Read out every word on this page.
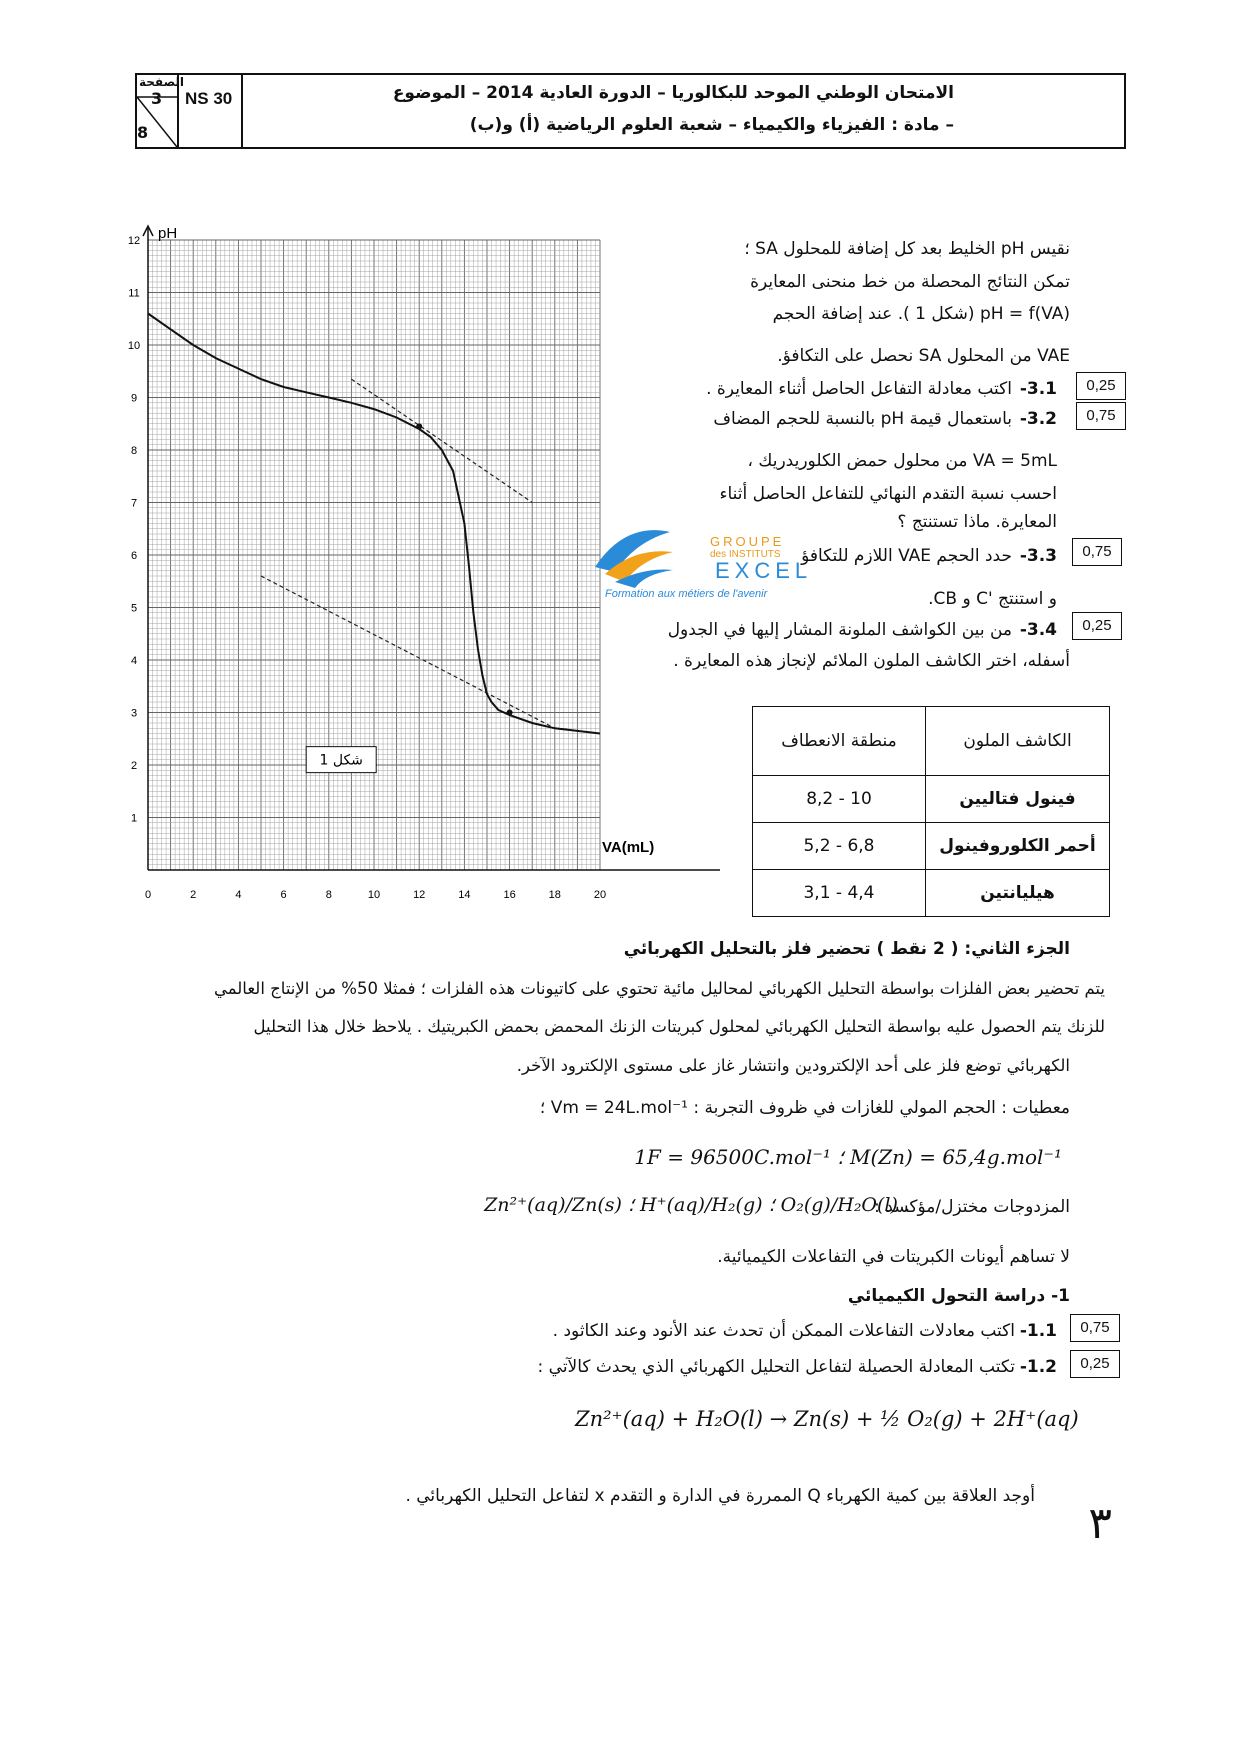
الصفحة
3
8
NS 30	الامتحان الوطني الموحد للبكالوريا – الدورة العادية 2014 – الموضوع
– مادة : الفيزياء والكيمياء – شعبة العلوم الرياضية (أ) و(ب)
0	2	4	6	8	10	12	14	16	18	20
1
2
3
4
5
6
7
8
9
10
11
12 pH
VA(mL)
شكل 1
نقيس pH الخليط بعد كل إضافة للمحلول SA ؛
تمكن النتائج المحصلة من خط منحنى المعايرة
pH = f(VA) (شكل 1 ). عند إضافة الحجم
VAE من المحلول SA نحصل على التكافؤ.
0,25
3.1-
اكتب معادلة التفاعل الحاصل أثناء المعايرة .
0,75
3.2-
باستعمال قيمة pH بالنسبة للحجم المضاف
VA = 5mL من محلول حمض الكلوريدريك ،
احسب نسبة التقدم النهائي للتفاعل الحاصل أثناء
المعايرة. ماذا تستنتج ؟
0,75
3.3-
حدد الحجم VAE اللازم للتكافؤ
و استنتج 'C و CB.
0,25
3.4-
من بين الكواشف الملونة المشار إليها في الجدول
أسفله، اختر الكاشف الملون الملائم لإنجاز هذه المعايرة .
GROUPE
des INSTITUTS
EXCEL
Formation aux métiers de l'avenir
منطقة الانعطاف	الكاشف الملون
8,2 - 10	فينول فتاليين
5,2 - 6,8	أحمر الكلوروفينول
3,1 - 4,4	هيليانتين
الجزء الثاني: ( 2 نقط ) تحضير فلز بالتحليل الكهربائي
يتم تحضير بعض الفلزات بواسطة التحليل الكهربائي لمحاليل مائية تحتوي على كاتيونات هذه الفلزات ؛ فمثلا 50% من الإنتاج العالمي
للزنك يتم الحصول عليه بواسطة التحليل الكهربائي لمحلول كبريتات الزنك المحمض بحمض الكبريتيك . يلاحظ خلال هذا التحليل
الكهربائي توضع فلز على أحد الإلكترودين وانتشار غاز على مستوى الإلكترود الآخر.
معطيات : الحجم المولي للغازات في ظروف التجربة : Vm = 24L.mol⁻¹ ؛
M(Zn) = 65,4g.mol⁻¹ ؛ 1F = 96500C.mol⁻¹
المزدوجات مختزل/مؤكسد :
Zn²⁺(aq)/Zn(s) ؛ H⁺(aq)/H₂(g) ؛ O₂(g)/H₂O(l) .
لا تساهم أيونات الكبريتات في التفاعلات الكيميائية.
1- دراسة التحول الكيميائي
0,75
1.1-
اكتب معادلات التفاعلات الممكن أن تحدث عند الأنود وعند الكاثود .
0,25
1.2-
تكتب المعادلة الحصيلة لتفاعل التحليل الكهربائي الذي يحدث كالآتي :
Zn²⁺(aq) + H₂O(l) → Zn(s) + ½ O₂(g) + 2H⁺(aq)
أوجد العلاقة بين كمية الكهرباء Q الممررة في الدارة و التقدم x لتفاعل التحليل الكهربائي .
٣
